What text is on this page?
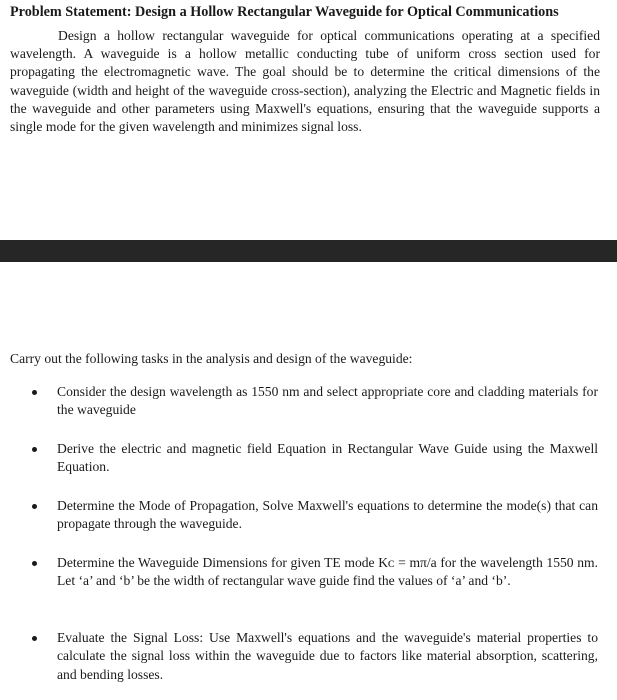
Problem Statement: Design a Hollow Rectangular Waveguide for Optical Communications

Design a hollow rectangular waveguide for optical communications operating at a specified wavelength. A waveguide is a hollow metallic conducting tube of uniform cross section used for propagating the electromagnetic wave. The goal should be to determine the critical dimensions of the waveguide (width and height of the waveguide cross-section), analyzing the Electric and Magnetic fields in the waveguide and other parameters using Maxwell's equations, ensuring that the waveguide supports a single mode for the given wavelength and minimizes signal loss.

Carry out the following tasks in the analysis and design of the waveguide:

Consider the design wavelength as 1550 nm and select appropriate core and cladding materials for the waveguide

Derive the electric and magnetic field Equation in Rectangular Wave Guide using the Maxwell Equation.

Determine the Mode of Propagation, Solve Maxwell's equations to determine the mode(s) that can propagate through the waveguide.

Determine the Waveguide Dimensions for given TE mode Kᴄ = mπ/a for the wavelength 1550 nm. Let ‘a’ and ‘b’ be the width of rectangular wave guide find the values of ‘a’ and ‘b’.

Evaluate the Signal Loss: Use Maxwell's equations and the waveguide's material properties to calculate the signal loss within the waveguide due to factors like material absorption, scattering, and bending losses.
